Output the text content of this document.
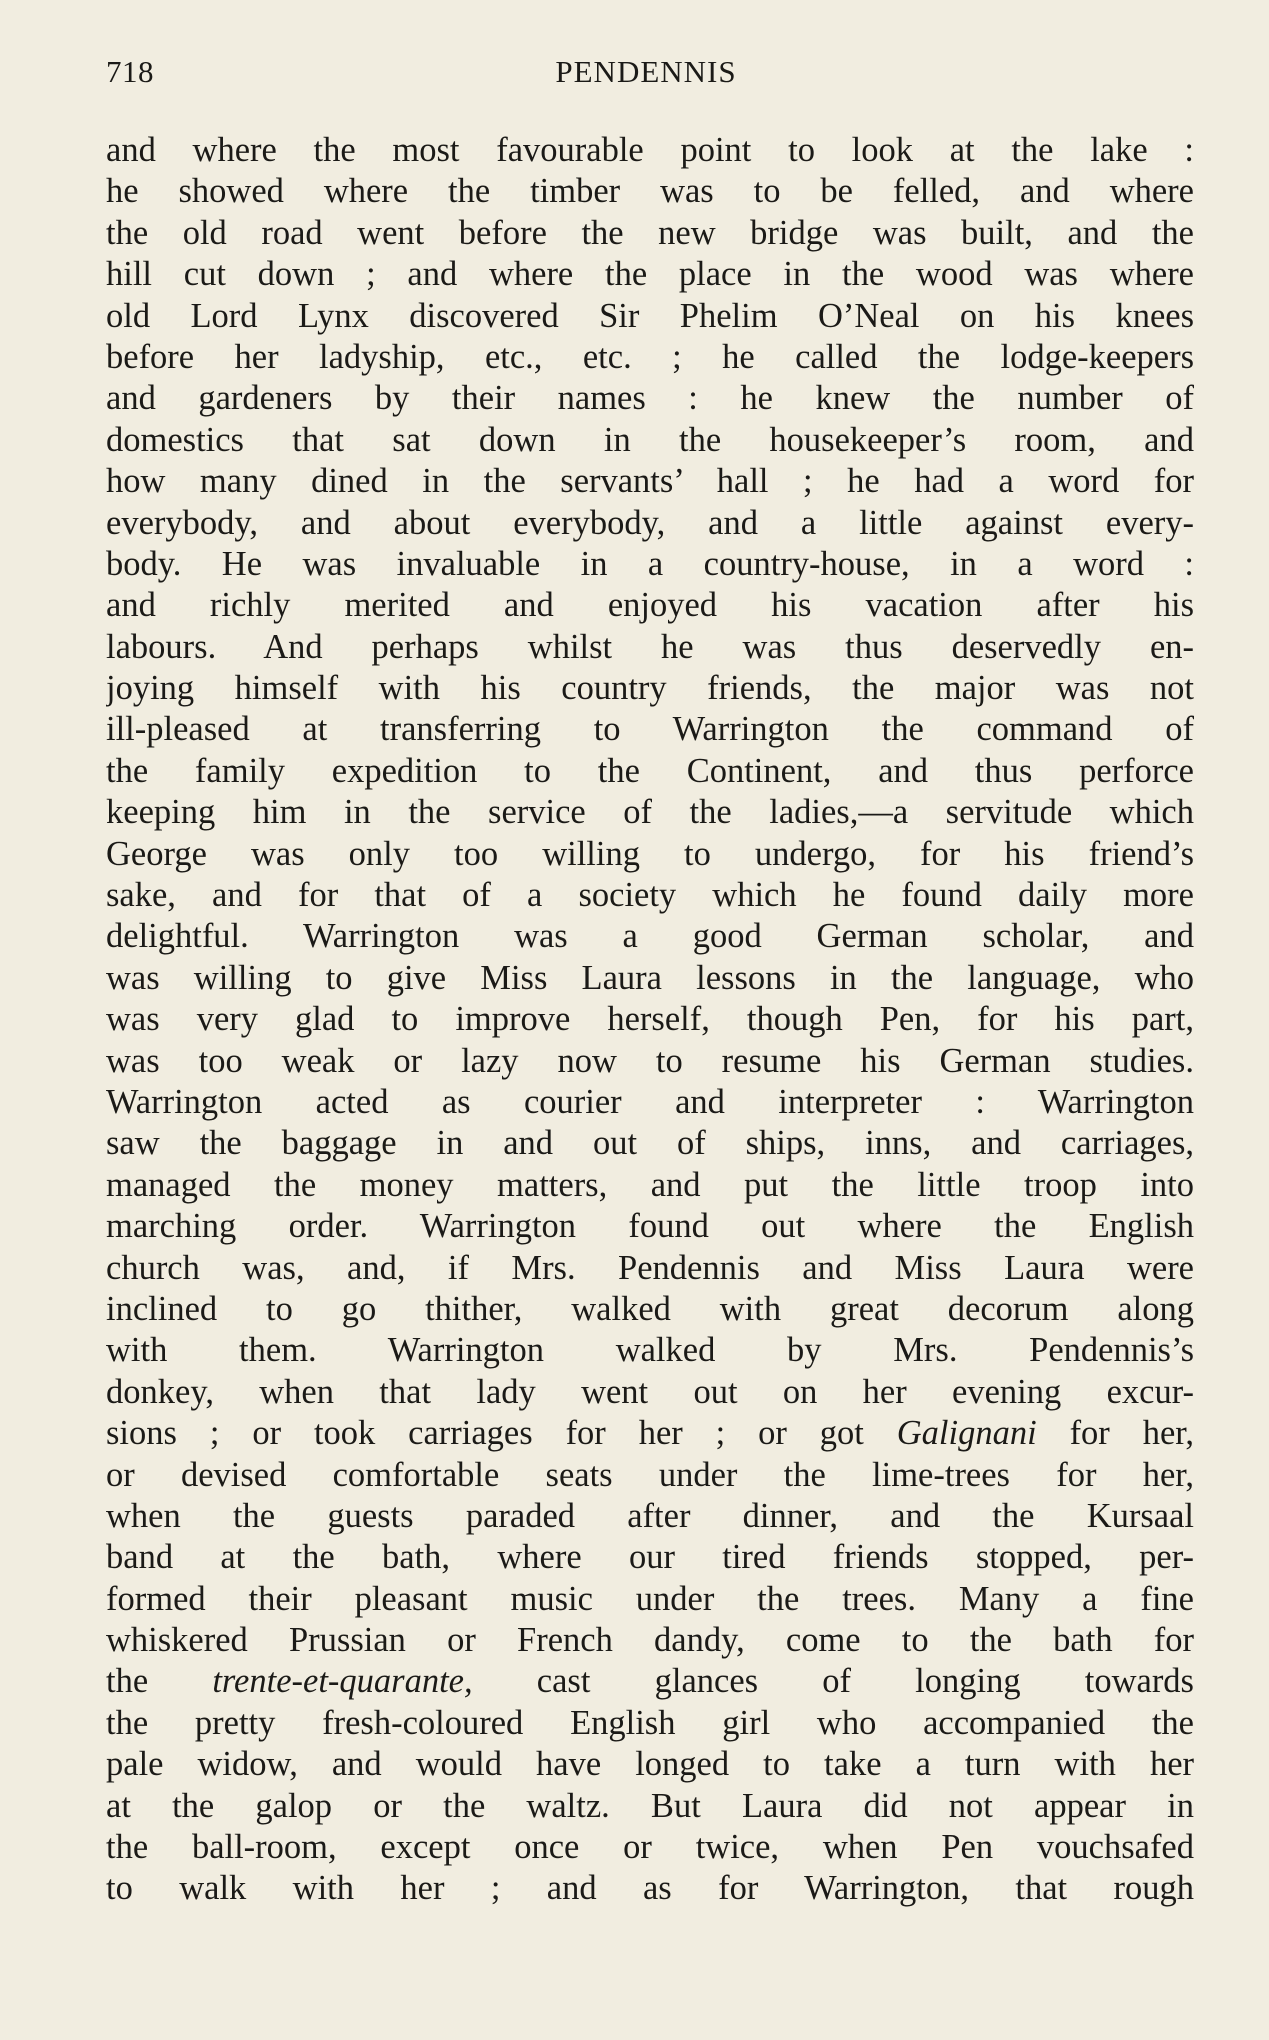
718	PENDENNIS
and where the most favourable point to look at the lake :
he showed where the timber was to be felled, and where
the old road went before the new bridge was built, and the
hill cut down ; and where the place in the wood was where
old Lord Lynx discovered Sir Phelim O’Neal on his knees
before her ladyship, etc., etc. ; he called the lodge-keepers
and gardeners by their names : he knew the number of
domestics that sat down in the housekeeper’s room, and
how many dined in the servants’ hall ; he had a word for
everybody, and about everybody, and a little against every-
body. He was invaluable in a country-house, in a word :
and richly merited and enjoyed his vacation after his
labours. And perhaps whilst he was thus deservedly en-
joying himself with his country friends, the major was not
ill-pleased at transferring to Warrington the command of
the family expedition to the Continent, and thus perforce
keeping him in the service of the ladies,—a servitude which
George was only too willing to undergo, for his friend’s
sake, and for that of a society which he found daily more
delightful. Warrington was a good German scholar, and
was willing to give Miss Laura lessons in the language, who
was very glad to improve herself, though Pen, for his part,
was too weak or lazy now to resume his German studies.
Warrington acted as courier and interpreter : Warrington
saw the baggage in and out of ships, inns, and carriages,
managed the money matters, and put the little troop into
marching order. Warrington found out where the English
church was, and, if Mrs. Pendennis and Miss Laura were
inclined to go thither, walked with great decorum along
with them. Warrington walked by Mrs. Pendennis’s
donkey, when that lady went out on her evening excur-
sions ; or took carriages for her ; or got Galignani for her,
or devised comfortable seats under the lime-trees for her,
when the guests paraded after dinner, and the Kursaal
band at the bath, where our tired friends stopped, per-
formed their pleasant music under the trees. Many a fine
whiskered Prussian or French dandy, come to the bath for
the trente-et-quarante, cast glances of longing towards
the pretty fresh-coloured English girl who accompanied the
pale widow, and would have longed to take a turn with her
at the galop or the waltz. But Laura did not appear in
the ball-room, except once or twice, when Pen vouchsafed
to walk with her ; and as for Warrington, that rough
